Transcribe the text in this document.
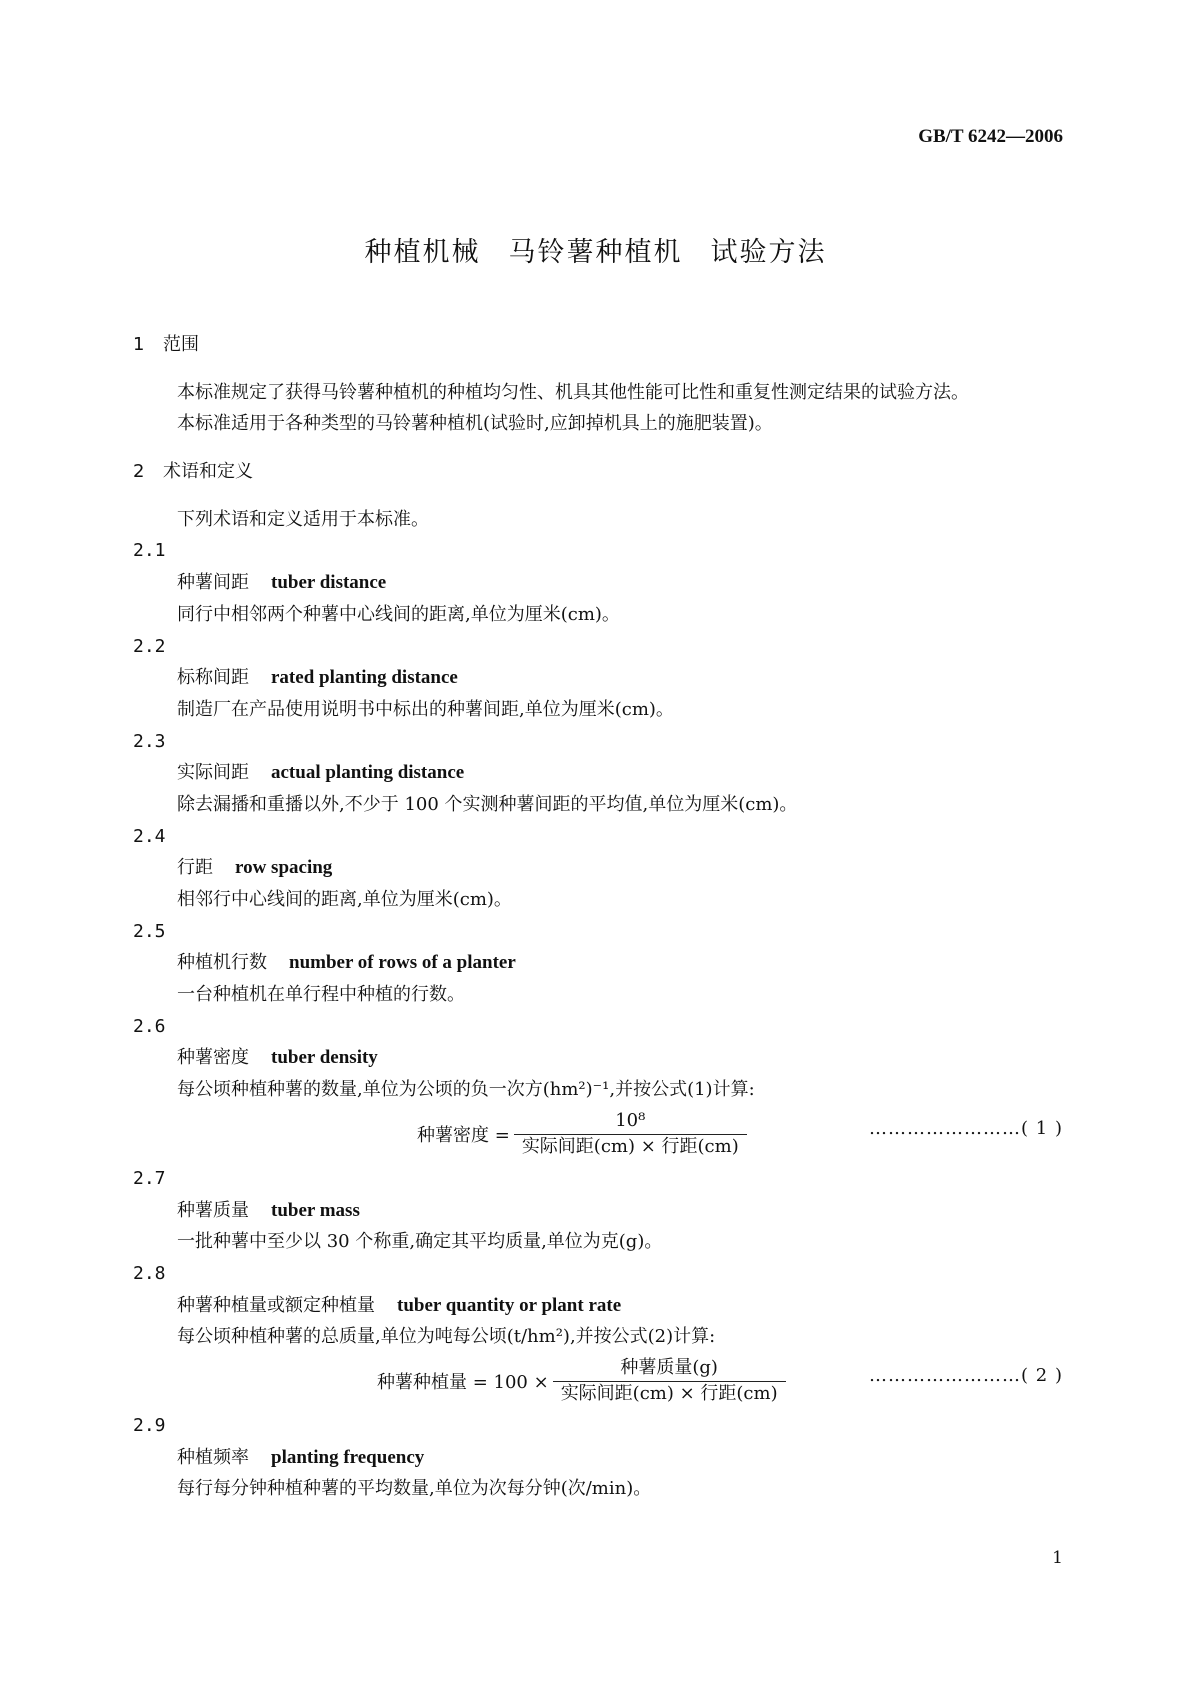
GB/T 6242—2006
种植机械 马铃薯种植机 试验方法
1 范围
本标准规定了获得马铃薯种植机的种植均匀性、机具其他性能可比性和重复性测定结果的试验方法。
本标准适用于各种类型的马铃薯种植机(试验时,应卸掉机具上的施肥装置)。
2 术语和定义
下列术语和定义适用于本标准。
2.1
种薯间距 tuber distance
同行中相邻两个种薯中心线间的距离,单位为厘米(cm)。
2.2
标称间距 rated planting distance
制造厂在产品使用说明书中标出的种薯间距,单位为厘米(cm)。
2.3
实际间距 actual planting distance
除去漏播和重播以外,不少于 100 个实测种薯间距的平均值,单位为厘米(cm)。
2.4
行距 row spacing
相邻行中心线间的距离,单位为厘米(cm)。
2.5
种植机行数 number of rows of a planter
一台种植机在单行程中种植的行数。
2.6
种薯密度 tuber density
每公顷种植种薯的数量,单位为公顷的负一次方(hm²)⁻¹,并按公式(1)计算:
种薯密度 = $\frac{\text{10⁸}}{\text{实际间距(cm) × 行距(cm)}}$	……………………( 1 )
2.7
种薯质量 tuber mass
一批种薯中至少以 30 个称重,确定其平均质量,单位为克(g)。
2.8
种薯种植量或额定种植量 tuber quantity or plant rate
每公顷种植种薯的总质量,单位为吨每公顷(t/hm²),并按公式(2)计算:
种薯种植量 = $100 \times \frac{\text{种薯质量(g)}}{\text{实际间距(cm) × 行距(cm)}}$	……………………( 2 )
2.9
种植频率 planting frequency
每行每分钟种植种薯的平均数量,单位为次每分钟(次/min)。
1
